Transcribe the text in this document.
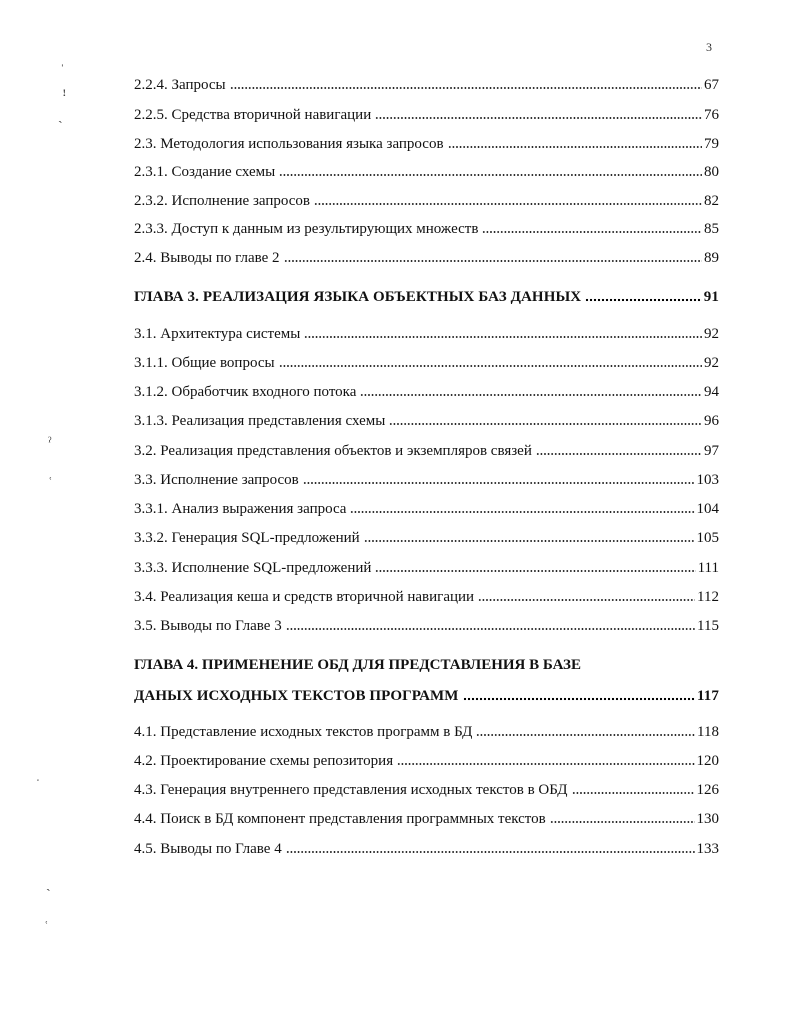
3
ˈ
ꜝ
ˎ
ˀ
˓
ˑ
ˏ
˓
2.2.4. Запросы	67
2.2.5. Средства вторичной навигации	76
2.3. Методология использования языка запросов	79
2.3.1. Создание схемы	80
2.3.2. Исполнение запросов	82
2.3.3. Доступ к данным из результирующих множеств	85
2.4. Выводы по главе 2	89
ГЛАВА 3. РЕАЛИЗАЦИЯ ЯЗЫКА ОБЪЕКТНЫХ БАЗ ДАННЫХ	91
3.1. Архитектура системы	92
3.1.1. Общие вопросы	92
3.1.2. Обработчик входного потока	94
3.1.3. Реализация представления схемы	96
3.2. Реализация представления объектов и экземпляров связей	97
3.3. Исполнение запросов	103
3.3.1. Анализ выражения запроса	104
3.3.2. Генерация SQL-предложений	105
3.3.3. Исполнение SQL-предложений	111
3.4. Реализация кеша и средств вторичной навигации	112
3.5. Выводы по Главе 3	115
ГЛАВА 4. ПРИМЕНЕНИЕ ОБД ДЛЯ ПРЕДСТАВЛЕНИЯ В БАЗЕ
ДАНЫХ ИСХОДНЫХ ТЕКСТОВ ПРОГРАММ	117
4.1. Представление исходных текстов программ в БД	118
4.2. Проектирование схемы репозитория	120
4.3. Генерация внутреннего представления исходных текстов в ОБД	126
4.4. Поиск в БД компонент представления программных текстов	130
4.5. Выводы по Главе 4	133
